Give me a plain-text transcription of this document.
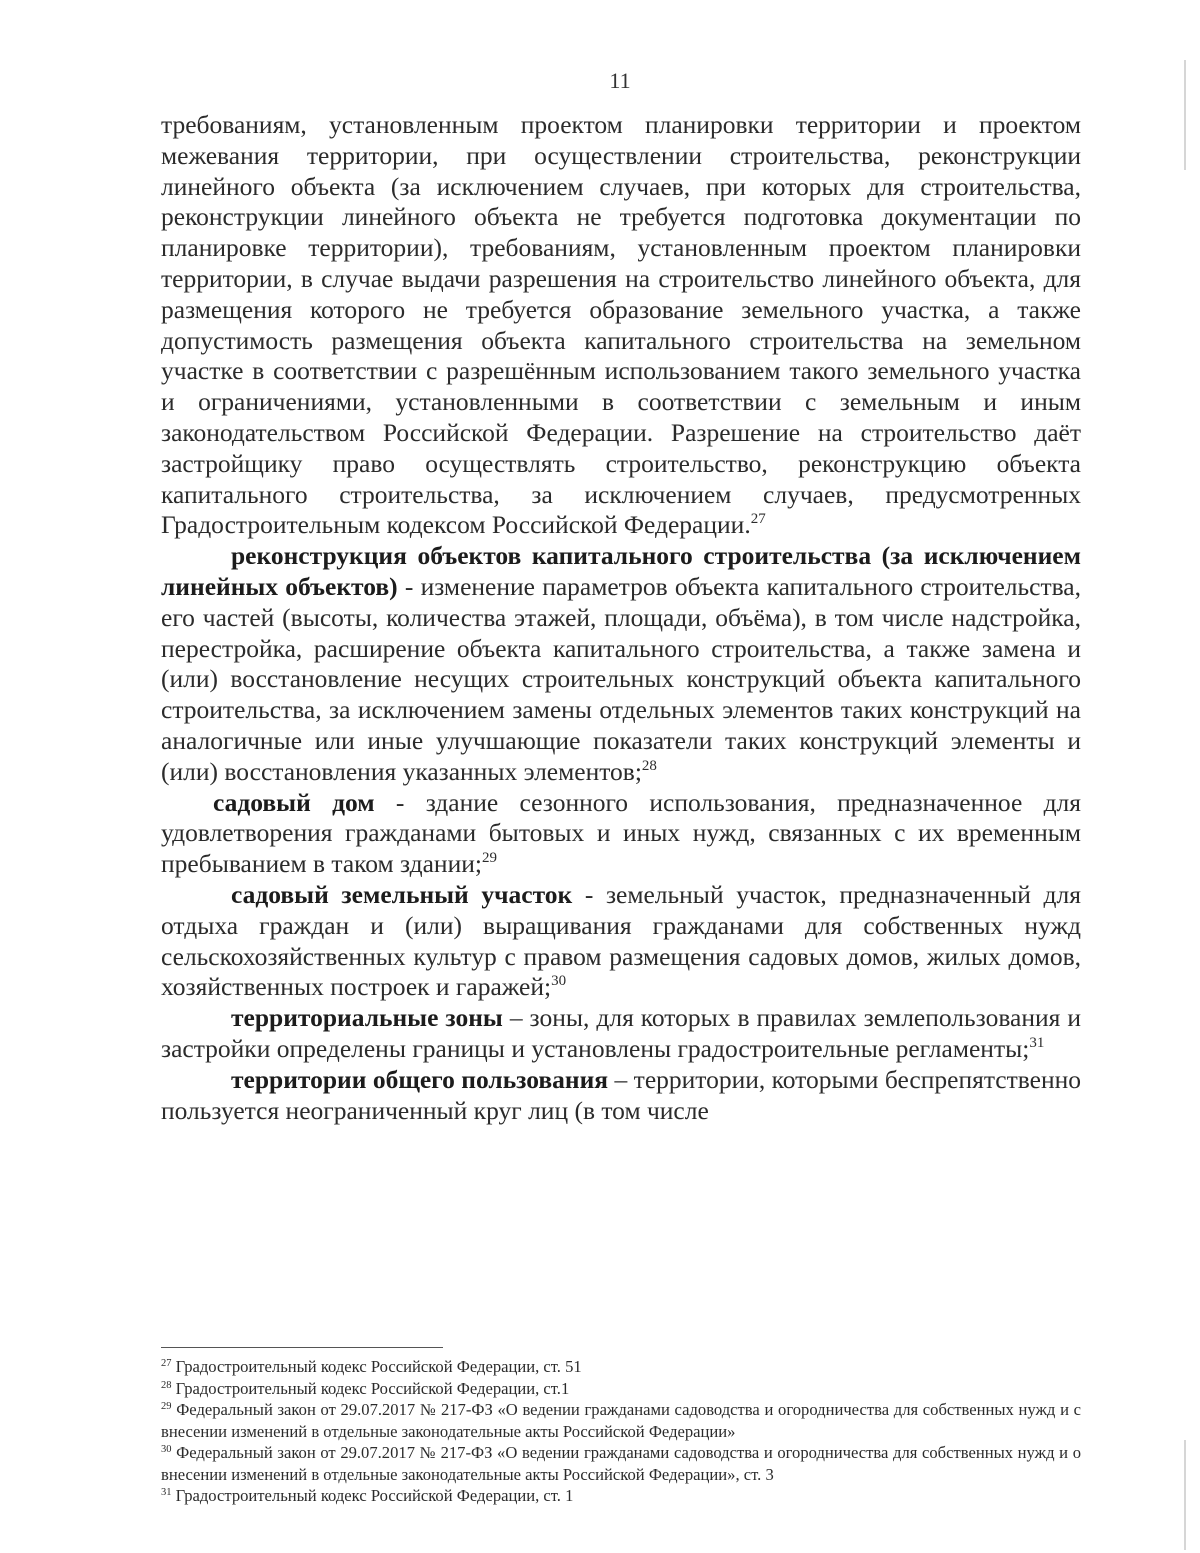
11

требованиям, установленным проектом планировки территории и проектом межевания территории, при осуществлении строительства, реконструкции линейного объекта (за исключением случаев, при которых для строительства, реконструкции линейного объекта не требуется подготовка документации по планировке территории), требованиям, установленным проектом планировки территории, в случае выдачи разрешения на строительство линейного объекта, для размещения которого не требуется образование земельного участка, а также допустимость размещения объекта капитального строительства на земельном участке в соответствии с разрешённым использованием такого земельного участка и ограничениями, установленными в соответствии с земельным и иным законодательством Российской Федерации. Разрешение на строительство даёт застройщику право осуществлять строительство, реконструкцию объекта капитального строительства, за исключением случаев, предусмотренных Градостроительным кодексом Российской Федерации.$^{27}$

реконструкция объектов капитального строительства (за исключением линейных объектов) - изменение параметров объекта капитального строительства, его частей (высоты, количества этажей, площади, объёма), в том числе надстройка, перестройка, расширение объекта капитального строительства, а также замена и (или) восстановление несущих строительных конструкций объекта капитального строительства, за исключением замены отдельных элементов таких конструкций на аналогичные или иные улучшающие показатели таких конструкций элементы и (или) восстановления указанных элементов;$^{28}$

садовый дом - здание сезонного использования, предназначенное для удовлетворения гражданами бытовых и иных нужд, связанных с их временным пребыванием в таком здании;$^{29}$

садовый земельный участок - земельный участок, предназначенный для отдыха граждан и (или) выращивания гражданами для собственных нужд сельскохозяйственных культур с правом размещения садовых домов, жилых домов, хозяйственных построек и гаражей;$^{30}$

территориальные зоны – зоны, для которых в правилах землепользования и застройки определены границы и установлены градостроительные регламенты;$^{31}$

территории общего пользования – территории, которыми беспрепятственно пользуется неограниченный круг лиц (в том числе

$^{27}$ Градостроительный кодекс Российской Федерации, ст. 51

$^{28}$ Градостроительный кодекс Российской Федерации, ст.1

$^{29}$ Федеральный закон от 29.07.2017 № 217-ФЗ «О ведении гражданами садоводства и огородничества для собственных нужд и с внесении изменений в отдельные законодательные акты Российской Федерации»

$^{30}$ Федеральный закон от 29.07.2017 № 217-ФЗ «О ведении гражданами садоводства и огородничества для собственных нужд и о внесении изменений в отдельные законодательные акты Российской Федерации», ст. 3

$^{31}$ Градостроительный кодекс Российской Федерации, ст. 1
